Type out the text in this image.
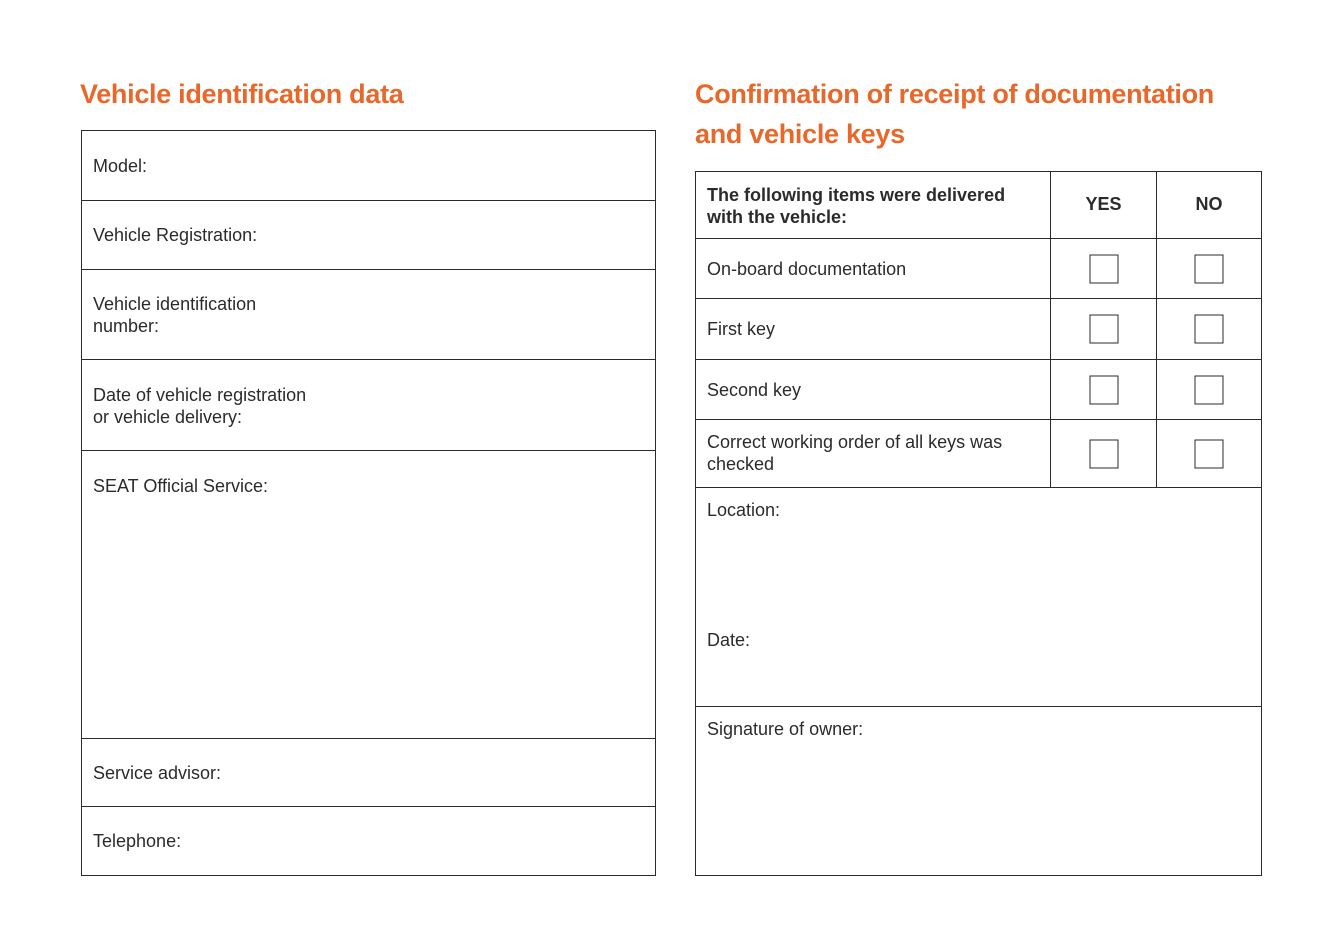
Vehicle identification data
Model:
Vehicle Registration:
Vehicle identification
number:
Date of vehicle registration
or vehicle delivery:
SEAT Official Service:
Service advisor:
Telephone:
Confirmation of receipt of documentation and vehicle keys
The following items were delivered with the vehicle:
YES	NO
On-board documentation
First key
Second key
Correct working order of all keys was checked
Location:
Date:
Signature of owner:
